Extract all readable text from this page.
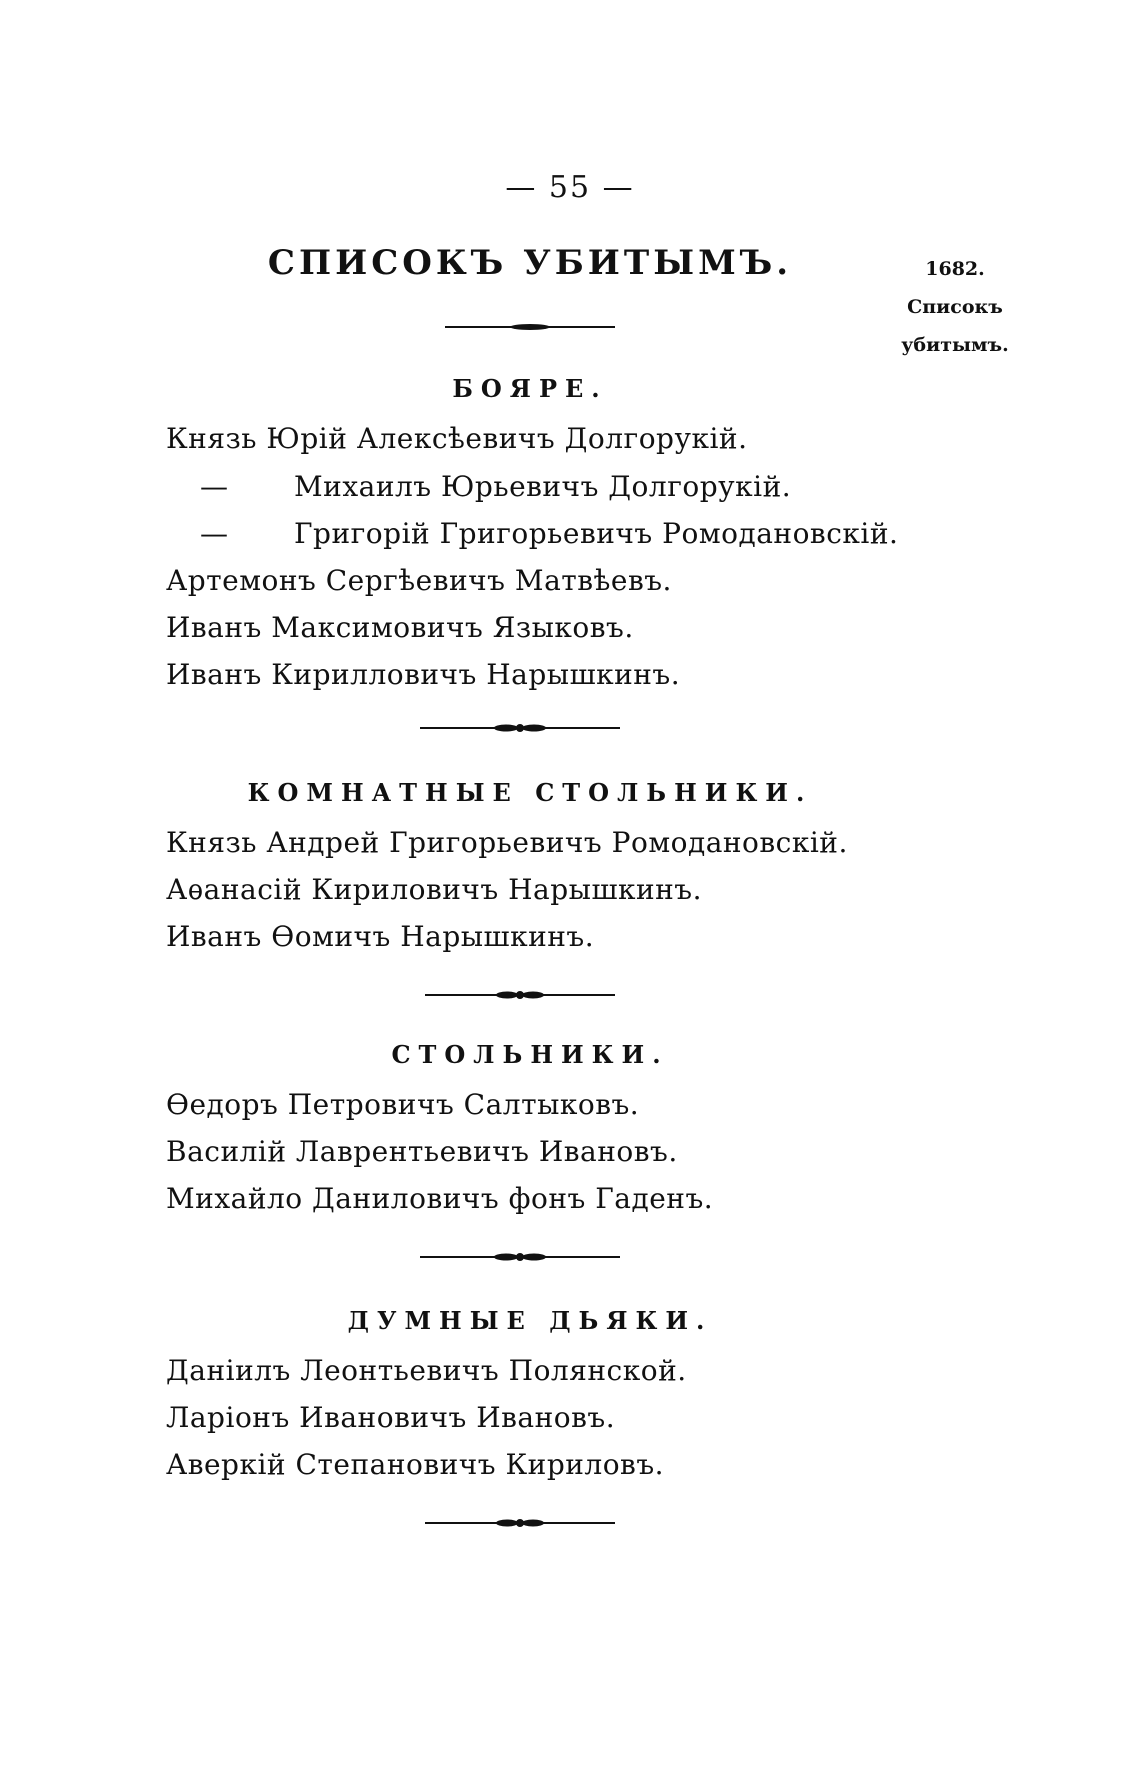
— 55 —
СПИСОКЪ УБИТЫМЪ.	1682.
Списокъ
убитымъ.
БОЯРЕ.
Князь Юрій Алексѣевичъ Долгорукій.
— Михаилъ Юрьевичъ Долгорукій.
— Григорій Григорьевичъ Ромодановскій.
Артемонъ Сергѣевичъ Матвѣевъ.
Иванъ Максимовичъ Языковъ.
Иванъ Кирилловичъ Нарышкинъ.
КОМНАТНЫЕ СТОЛЬНИКИ.
Князь Андрей Григорьевичъ Ромодановскій.
Аѳанасій Кириловичъ Нарышкинъ.
Иванъ Ѳомичъ Нарышкинъ.
СТОЛЬНИКИ.
Ѳедоръ Петровичъ Салтыковъ.
Василій Лаврентьевичъ Ивановъ.
Михайло Даниловичъ фонъ Гаденъ.
ДУМНЫЕ ДЬЯКИ.
Даніилъ Леонтьевичъ Полянской.
Ларіонъ Ивановичъ Ивановъ.
Аверкій Степановичъ Кириловъ.
